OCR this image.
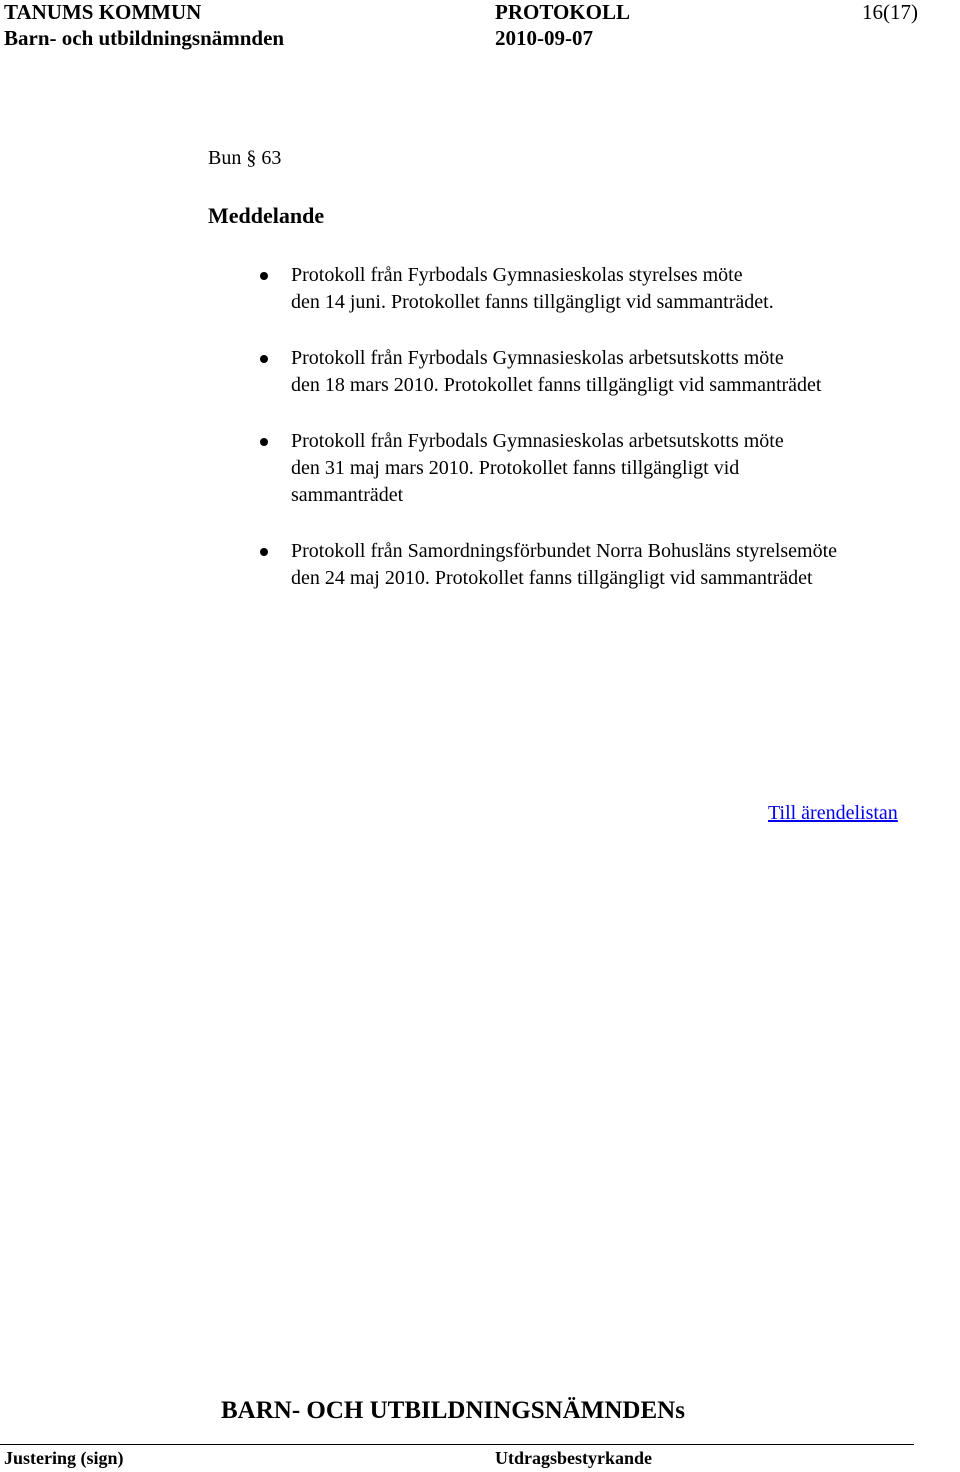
TANUMS KOMMUN	PROTOKOLL	16(17)
Barn- och utbildningsnämnden	2010-09-07
Bun § 63
Meddelande
Protokoll från Fyrbodals Gymnasieskolas styrelses möte
den 14 juni. Protokollet fanns tillgängligt vid sammanträdet.
Protokoll från Fyrbodals Gymnasieskolas arbetsutskotts möte
den 18 mars 2010. Protokollet fanns tillgängligt vid sammanträdet
Protokoll från Fyrbodals Gymnasieskolas arbetsutskotts möte
den 31 maj mars 2010. Protokollet fanns tillgängligt vid
sammanträdet
Protokoll från Samordningsförbundet Norra Bohusläns styrelsemöte
den 24 maj 2010. Protokollet fanns tillgängligt vid sammanträdet
Till ärendelistan
BARN- OCH UTBILDNINGSNÄMNDENs
Justering (sign)	Utdragsbestyrkande
